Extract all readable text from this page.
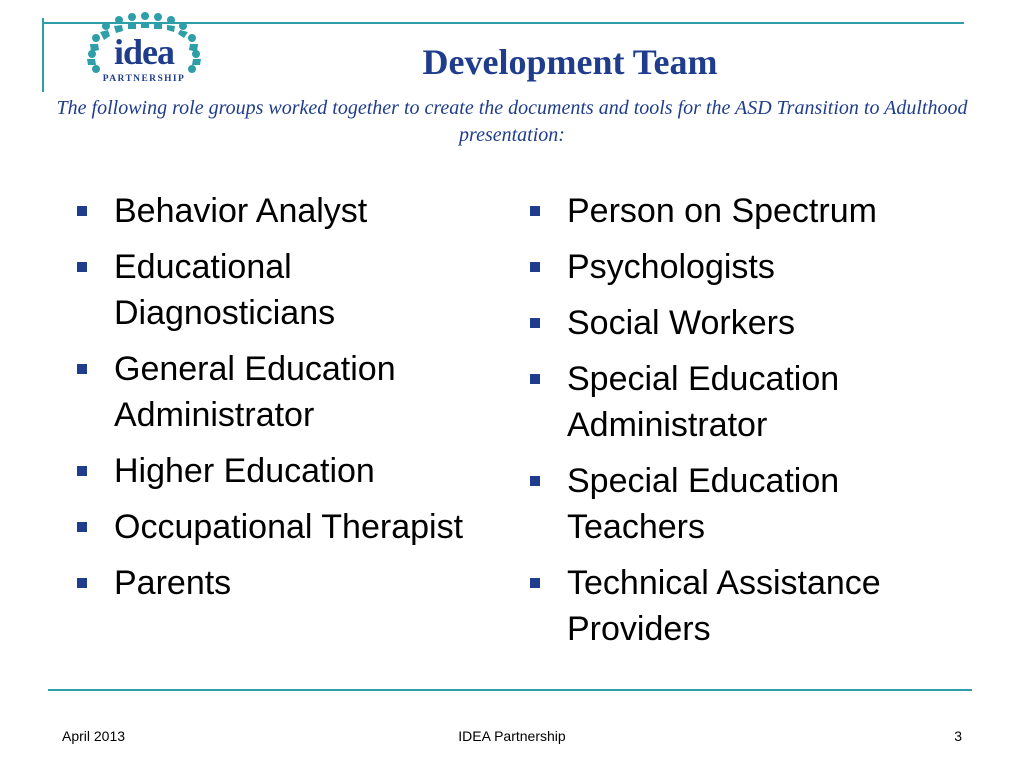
idea
PARTNERSHIP	Development Team
The following role groups worked together to create the documents and tools for the ASD Transition to Adulthood presentation:
Behavior Analyst
Educational Diagnosticians
General Education Administrator
Higher Education
Occupational Therapist
Parents
Person on Spectrum
Psychologists
Social Workers
Special Education Administrator
Special Education Teachers
Technical Assistance Providers
April 2013	IDEA Partnership	3
